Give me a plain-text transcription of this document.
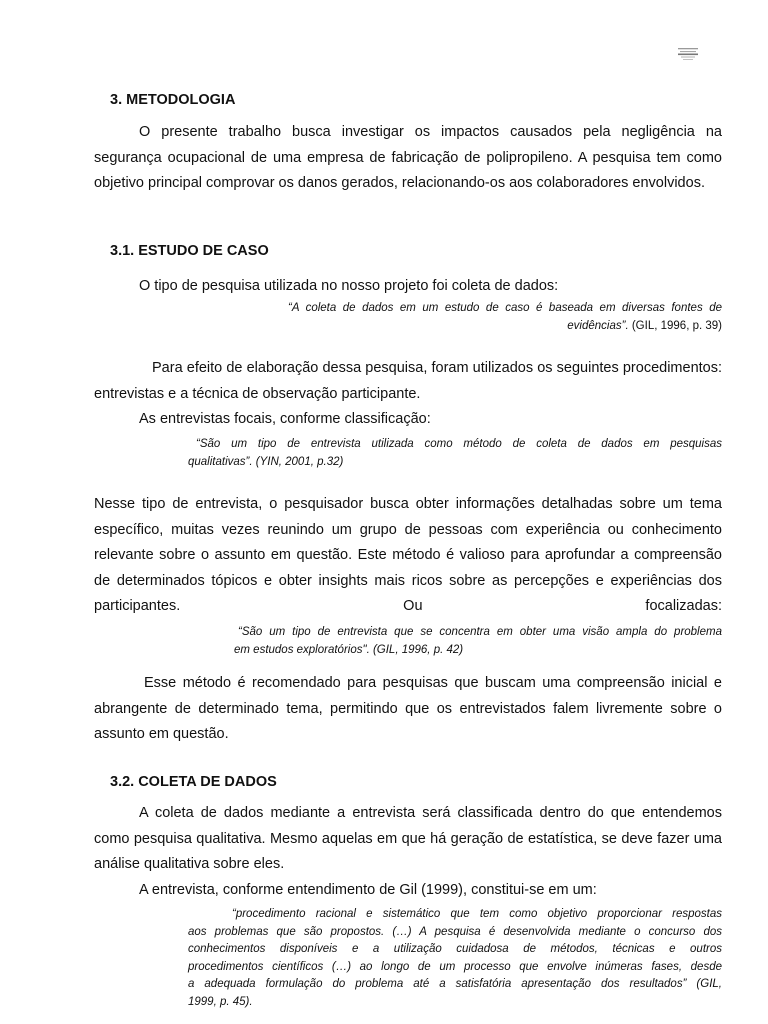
3. METODOLOGIA
O presente trabalho busca investigar os impactos causados pela negligência na segurança ocupacional de uma empresa de fabricação de polipropileno. A pesquisa tem como objetivo principal comprovar os danos gerados, relacionando-os aos colaboradores envolvidos.
3.1. ESTUDO DE CASO
O tipo de pesquisa utilizada no nosso projeto foi coleta de dados:
“A coleta de dados em um estudo de caso é baseada em diversas fontes de
evidências”. (GIL, 1996, p. 39)
Para efeito de elaboração dessa pesquisa, foram utilizados os seguintes procedimentos: entrevistas e a técnica de observação participante.
As entrevistas focais, conforme classificação:
“São um tipo de entrevista utilizada como método de coleta de dados em pesquisas
qualitativas”. (YIN, 2001, p.32)
Nesse tipo de entrevista, o pesquisador busca obter informações detalhadas sobre um tema específico, muitas vezes reunindo um grupo de pessoas com experiência ou conhecimento relevante sobre o assunto em questão. Este método é valioso para aprofundar a compreensão de determinados tópicos e obter insights mais ricos sobre as percepções e experiências dos participantes. Ou focalizadas:
“São um tipo de entrevista que se concentra em obter uma visão ampla do problema
em estudos exploratórios". (GIL, 1996, p. 42)
Esse método é recomendado para pesquisas que buscam uma compreensão inicial e abrangente de determinado tema, permitindo que os entrevistados falem livremente sobre o assunto em questão.
3.2. COLETA DE DADOS
A coleta de dados mediante a entrevista será classificada dentro do que entendemos como pesquisa qualitativa. Mesmo aquelas em que há geração de estatística, se deve fazer uma análise qualitativa sobre eles.
A entrevista, conforme entendimento de Gil (1999), constitui-se em um:
“procedimento racional e sistemático que tem como objetivo proporcionar respostas
aos problemas que são propostos. (…) A pesquisa é desenvolvida mediante o concurso dos
conhecimentos disponíveis e a utilização cuidadosa de métodos, técnicas e outros
procedimentos científicos (…) ao longo de um processo que envolve inúmeras fases, desde
a adequada formulação do problema até a satisfatória apresentação dos resultados” (GIL,
1999, p. 45).
